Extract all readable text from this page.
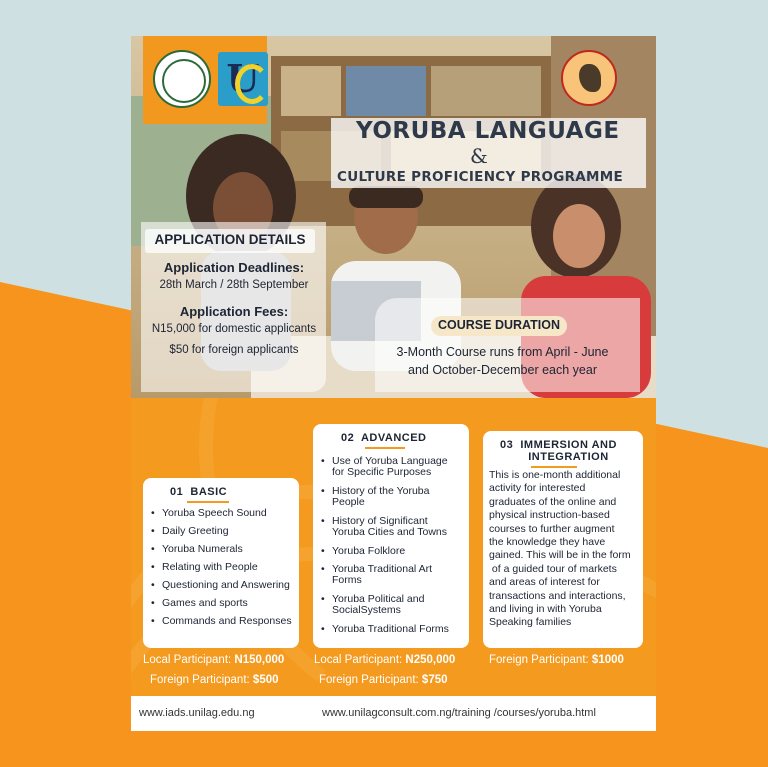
U
YORUBA LANGUAGE
&
CULTURE PROFICIENCY PROGRAMME
APPLICATION DETAILS
Application Deadlines:
28th March / 28th September
Application Fees:
N15,000 for domestic applicants
$50 for foreign applicants
COURSE DURATION
3-Month Course runs from April - June
and October-December each year
01 BASIC
• Yoruba Speech Sound
• Daily Greeting
• Yoruba Numerals
• Relating with People
• Questioning and Answering
• Games and sports
• Commands and Responses
Local Participant: N150,000
Foreign Participant: $500
02 ADVANCED
• Use of Yoruba Language for Specific Purposes
• History of the Yoruba People
• History of Significant Yoruba Cities and Towns
• Yoruba Folklore
• Yoruba Traditional Art Forms
• Yoruba Political and SocialSystems
• Yoruba Traditional Forms
Local Participant: N250,000
Foreign Participant: $750
03 IMMERSION AND
INTEGRATION

This is one-month additional
activity for interested
graduates of the online and
physical instruction-based
courses to further augment
the knowledge they have
gained. This will be in the form
of a guided tour of markets
and areas of interest for
transactions and interactions,
and living in with Yoruba
Speaking families

Foreign Participant: $1000
www.iads.unilag.edu.ng	www.unilagconsult.com.ng/training /courses/yoruba.html
